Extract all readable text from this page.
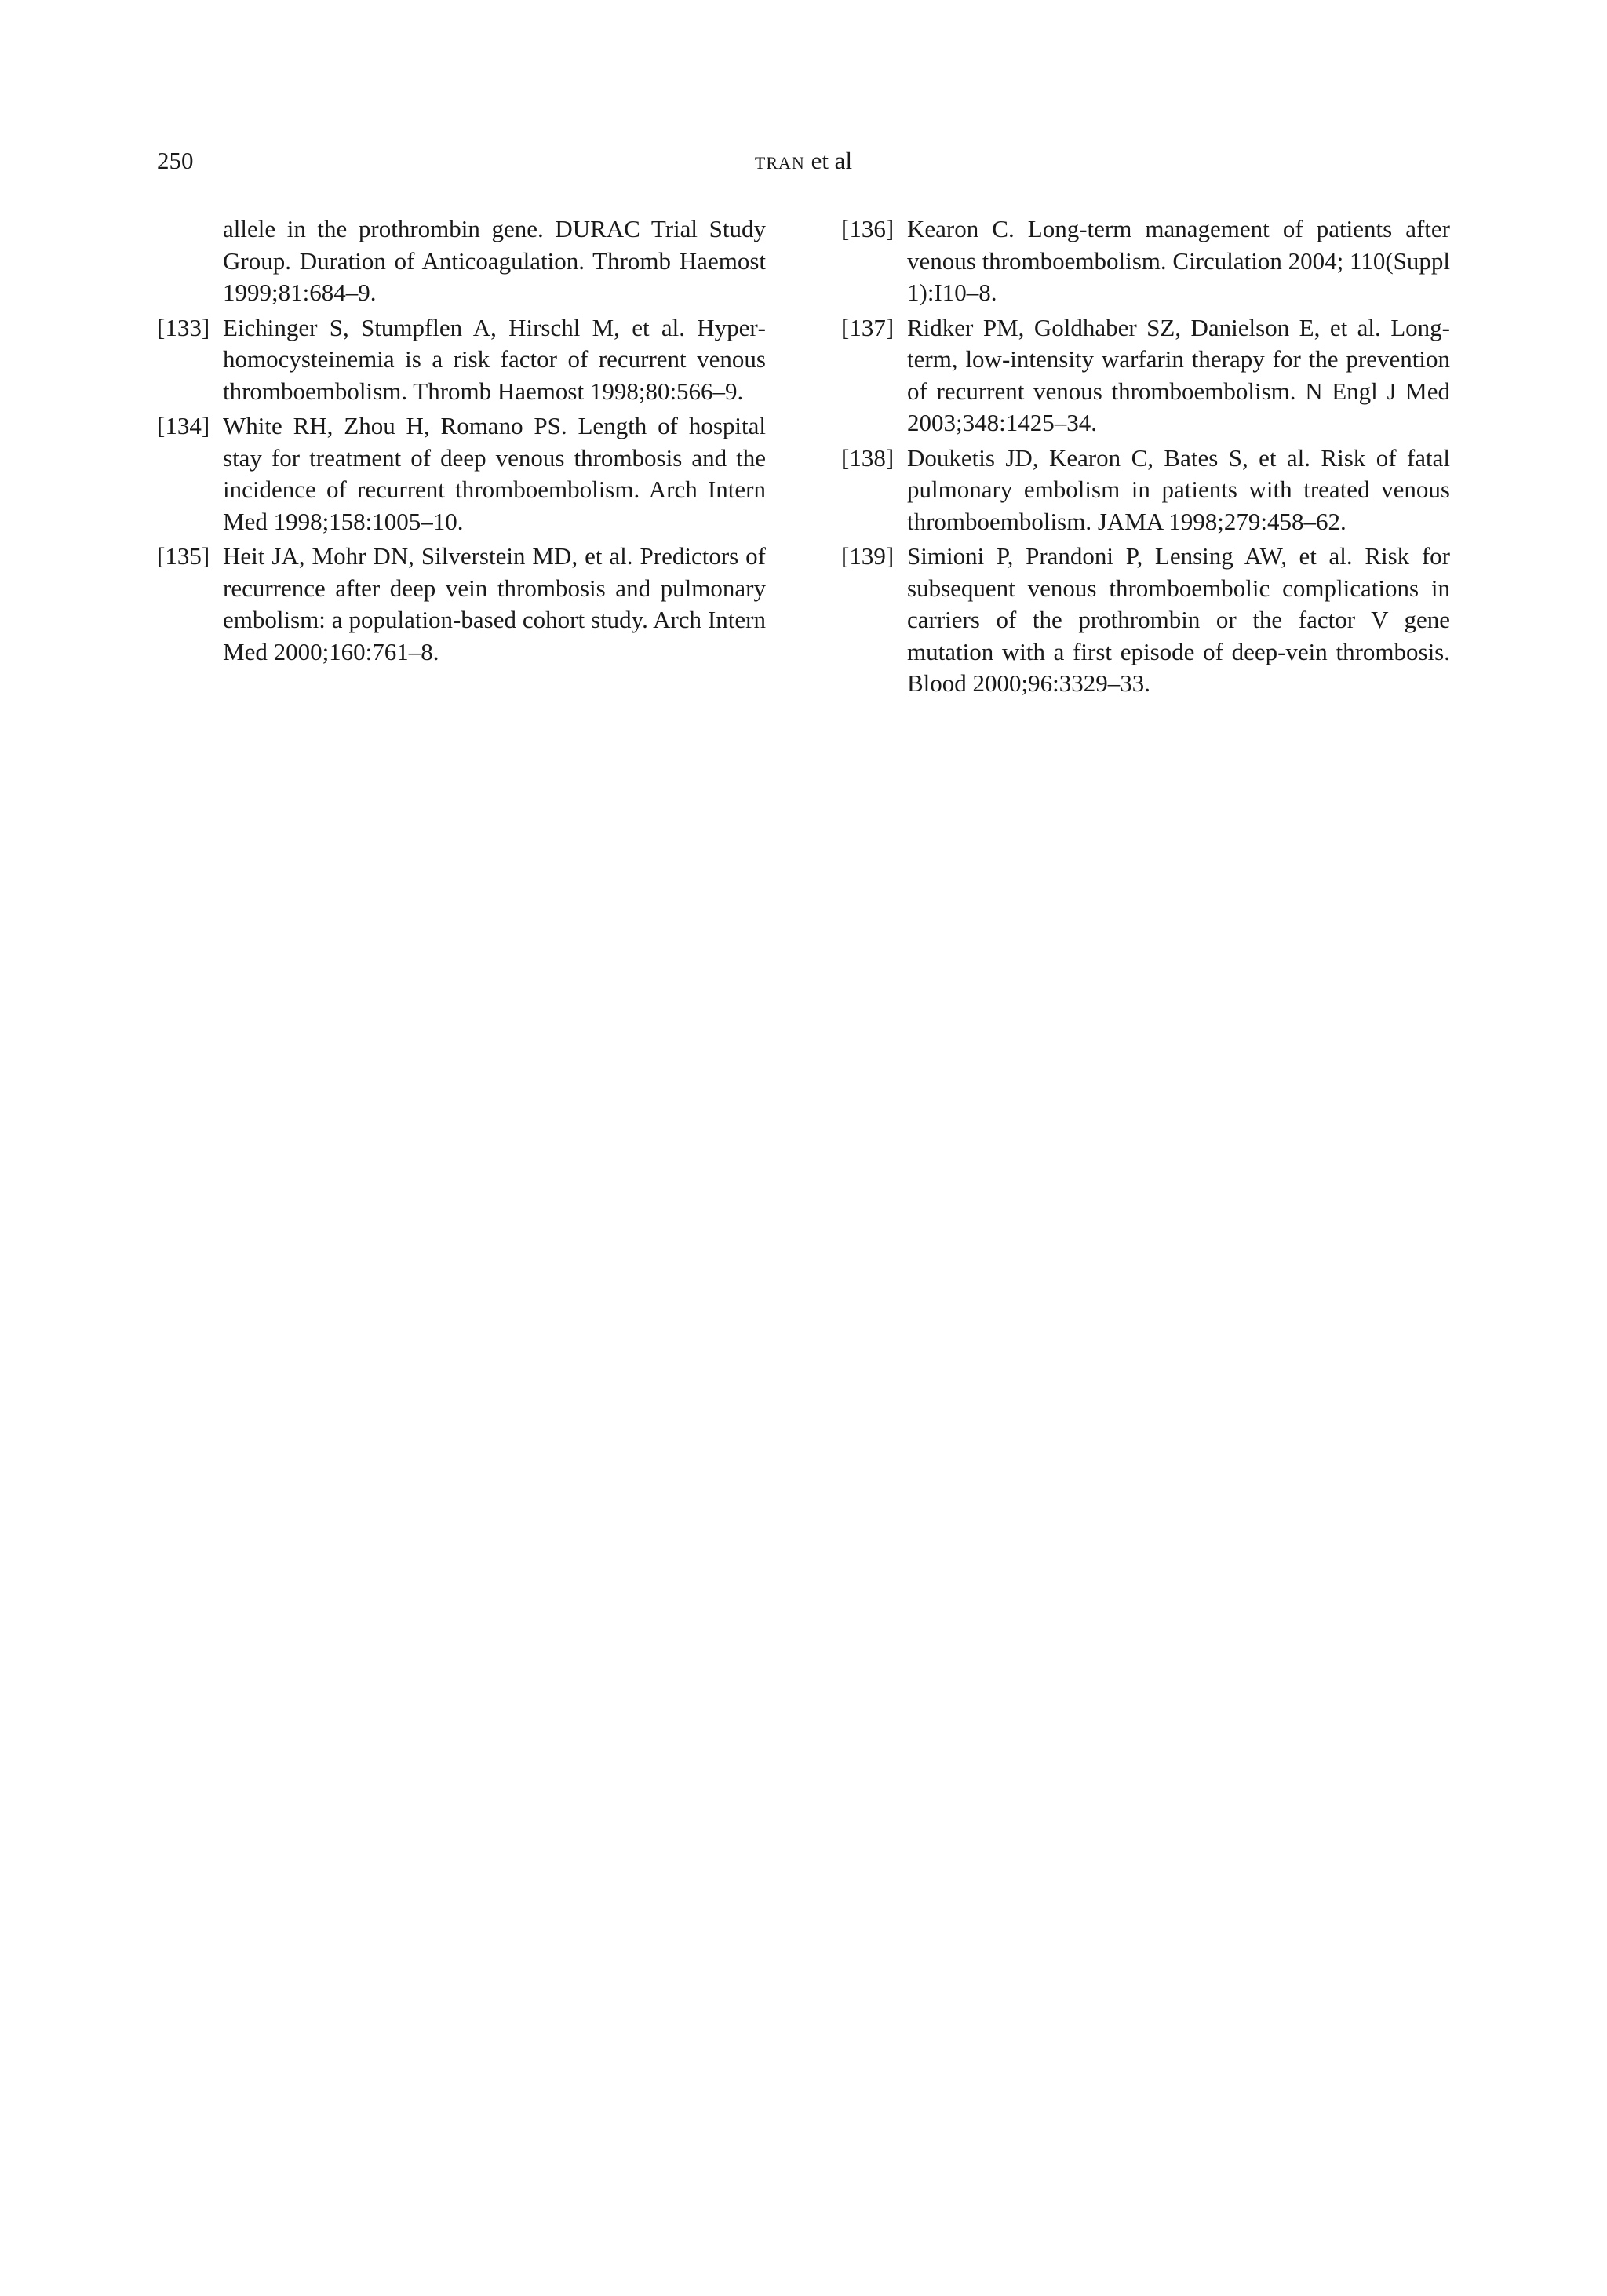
250	tran et al

allele in the prothrombin gene. DURAC Trial Study Group. Duration of Anticoagulation. Thromb Haemost 1999;81:684–9.

[133] Eichinger S, Stumpflen A, Hirschl M, et al. Hyperhomocysteinemia is a risk factor of recurrent venous thromboembolism. Thromb Haemost 1998;80:566–9.

[134] White RH, Zhou H, Romano PS. Length of hospital stay for treatment of deep venous thrombosis and the incidence of recurrent thromboembolism. Arch Intern Med 1998;158:1005–10.

[135] Heit JA, Mohr DN, Silverstein MD, et al. Predictors of recurrence after deep vein thrombosis and pulmonary embolism: a population-based cohort study. Arch Intern Med 2000;160:761–8.

[136] Kearon C. Long-term management of patients after venous thromboembolism. Circulation 2004; 110(Suppl 1):I10–8.

[137] Ridker PM, Goldhaber SZ, Danielson E, et al. Long-term, low-intensity warfarin therapy for the prevention of recurrent venous thromboembolism. N Engl J Med 2003;348:1425–34.

[138] Douketis JD, Kearon C, Bates S, et al. Risk of fatal pulmonary embolism in patients with treated venous thromboembolism. JAMA 1998;279:458–62.

[139] Simioni P, Prandoni P, Lensing AW, et al. Risk for subsequent venous thromboembolic complications in carriers of the prothrombin or the factor V gene mutation with a first episode of deep-vein thrombosis. Blood 2000;96:3329–33.
